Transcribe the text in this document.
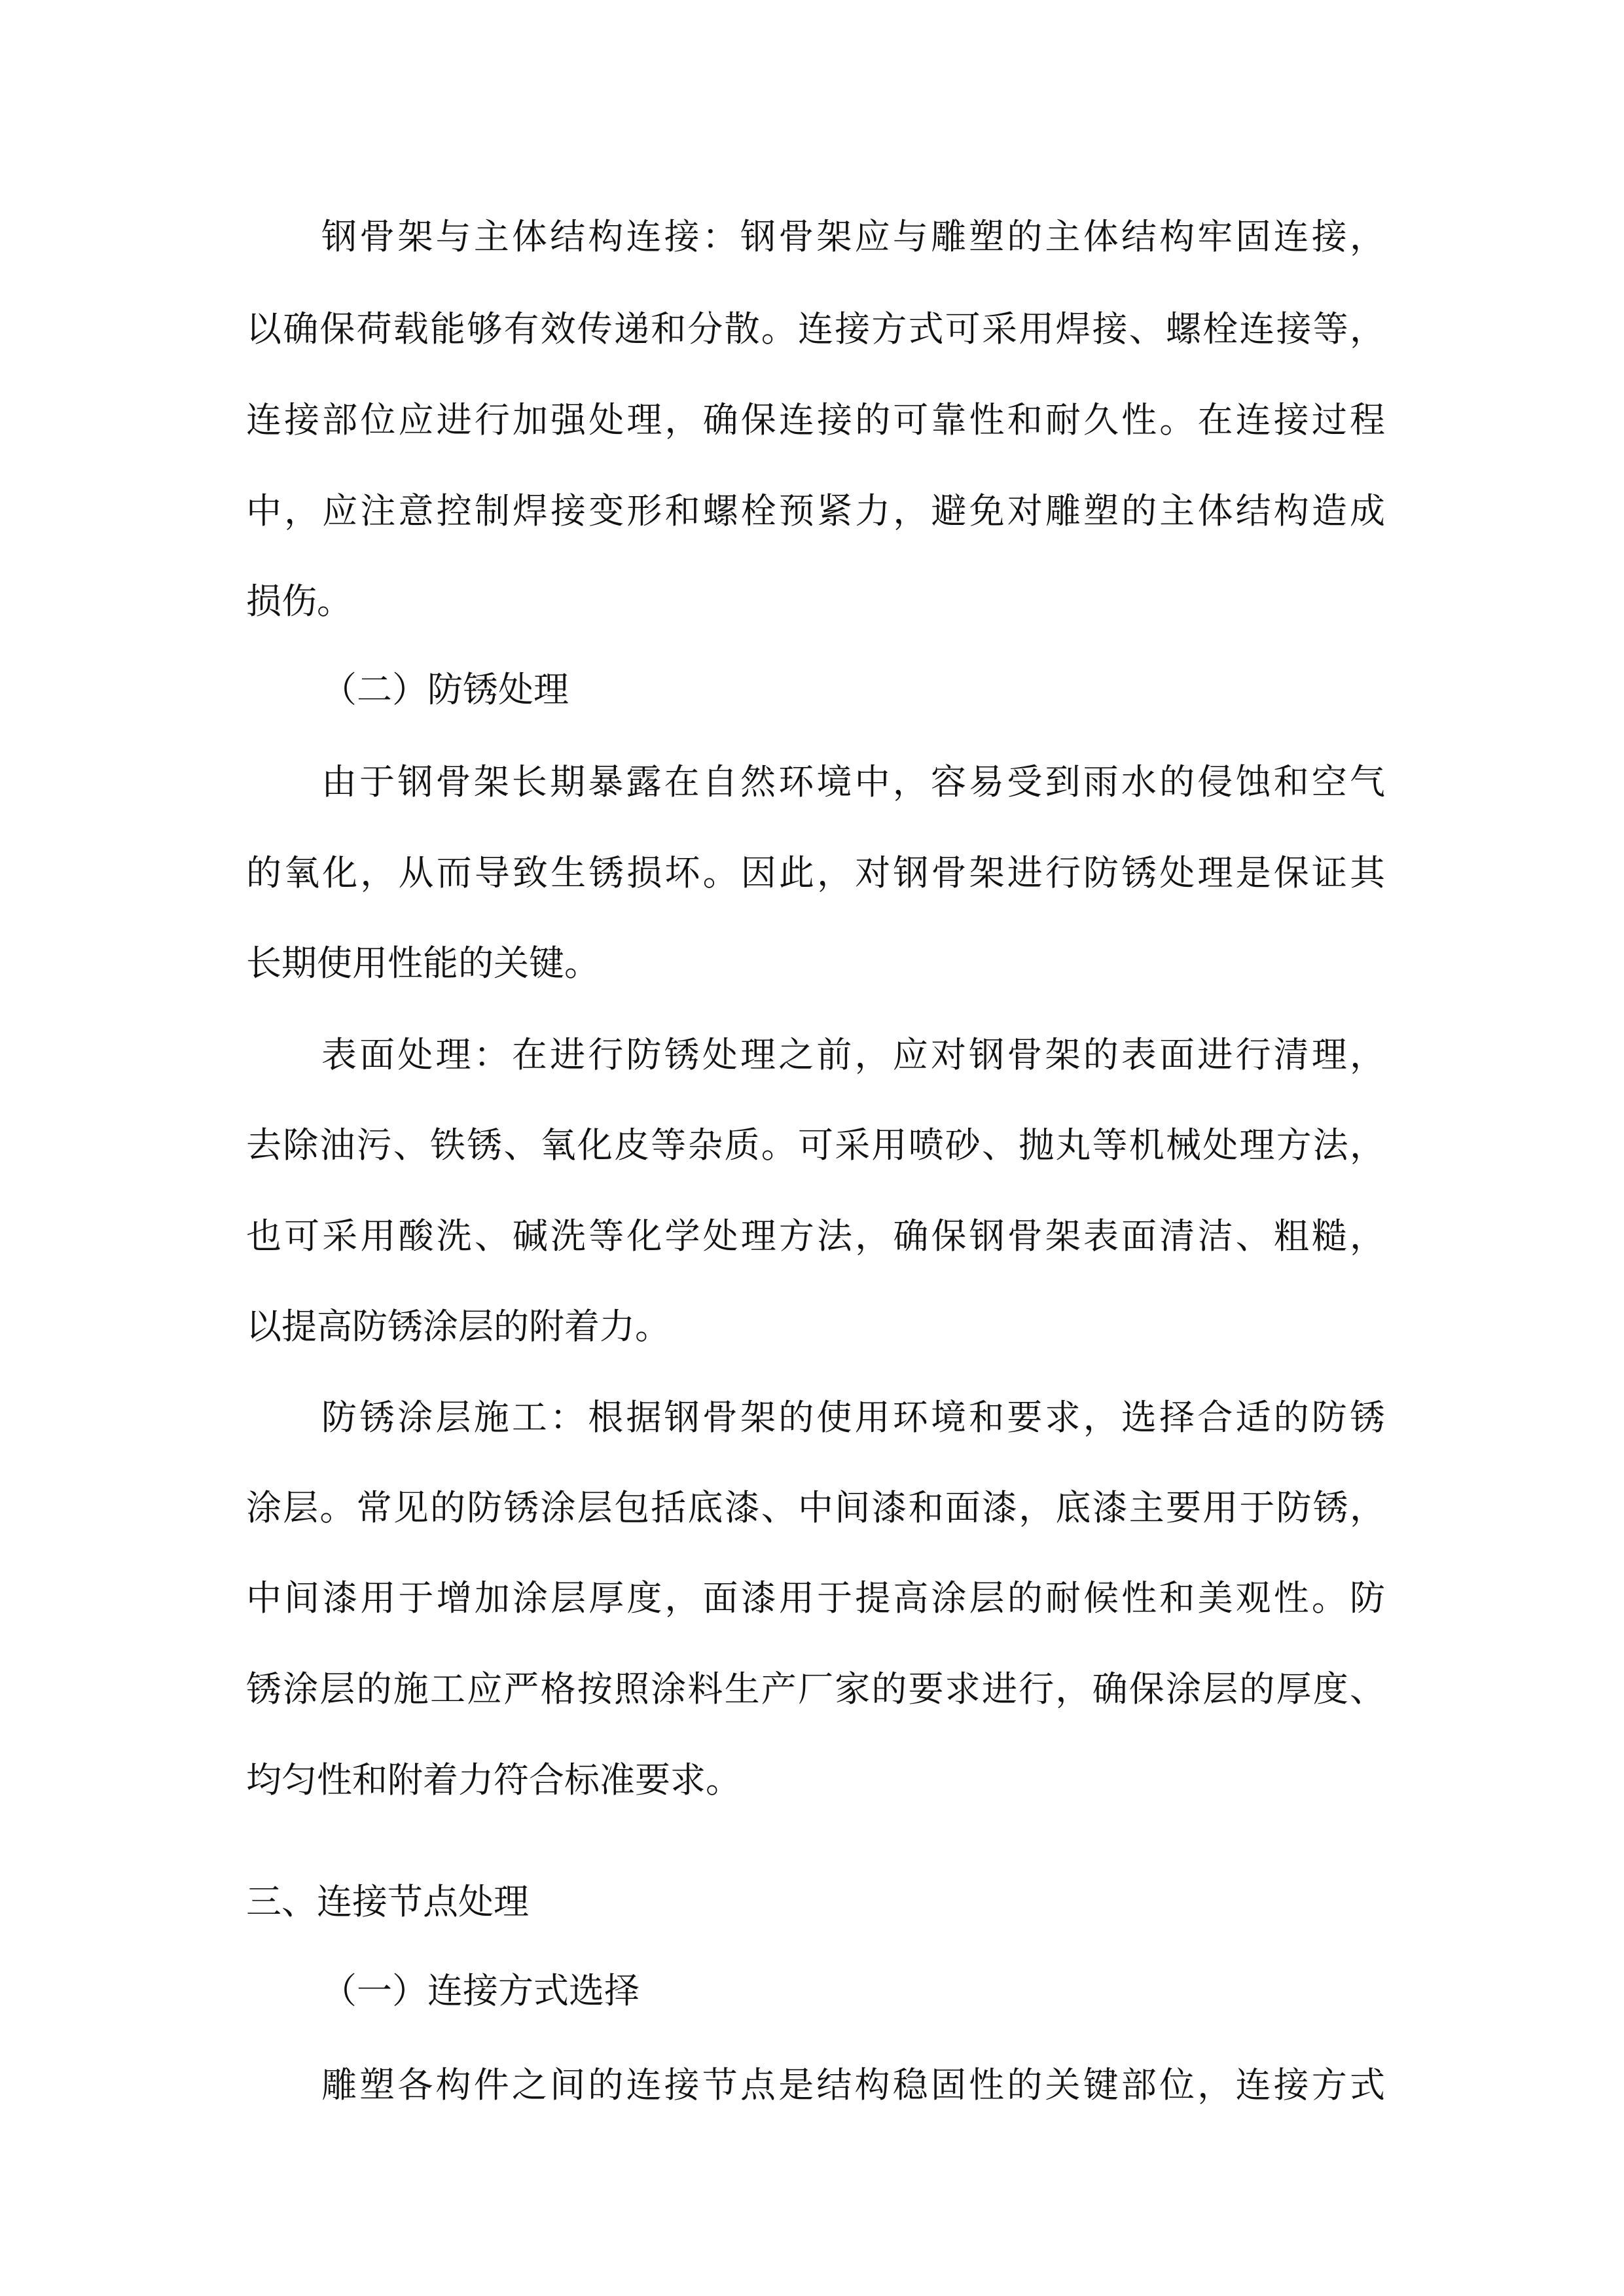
钢骨架与主体结构连接：钢骨架应与雕塑的主体结构牢固连接，
以确保荷载能够有效传递和分散。连接方式可采用焊接、螺栓连接等，
连接部位应进行加强处理，确保连接的可靠性和耐久性。在连接过程
中，应注意控制焊接变形和螺栓预紧力，避免对雕塑的主体结构造成
损伤。
（二）防锈处理
由于钢骨架长期暴露在自然环境中，容易受到雨水的侵蚀和空气
的氧化，从而导致生锈损坏。因此，对钢骨架进行防锈处理是保证其
长期使用性能的关键。
表面处理：在进行防锈处理之前，应对钢骨架的表面进行清理，
去除油污、铁锈、氧化皮等杂质。可采用喷砂、抛丸等机械处理方法，
也可采用酸洗、碱洗等化学处理方法，确保钢骨架表面清洁、粗糙，
以提高防锈涂层的附着力。
防锈涂层施工：根据钢骨架的使用环境和要求，选择合适的防锈
涂层。常见的防锈涂层包括底漆、中间漆和面漆，底漆主要用于防锈，
中间漆用于增加涂层厚度，面漆用于提高涂层的耐候性和美观性。防
锈涂层的施工应严格按照涂料生产厂家的要求进行，确保涂层的厚度、
均匀性和附着力符合标准要求。
三、连接节点处理
（一）连接方式选择
雕塑各构件之间的连接节点是结构稳固性的关键部位，连接方式
